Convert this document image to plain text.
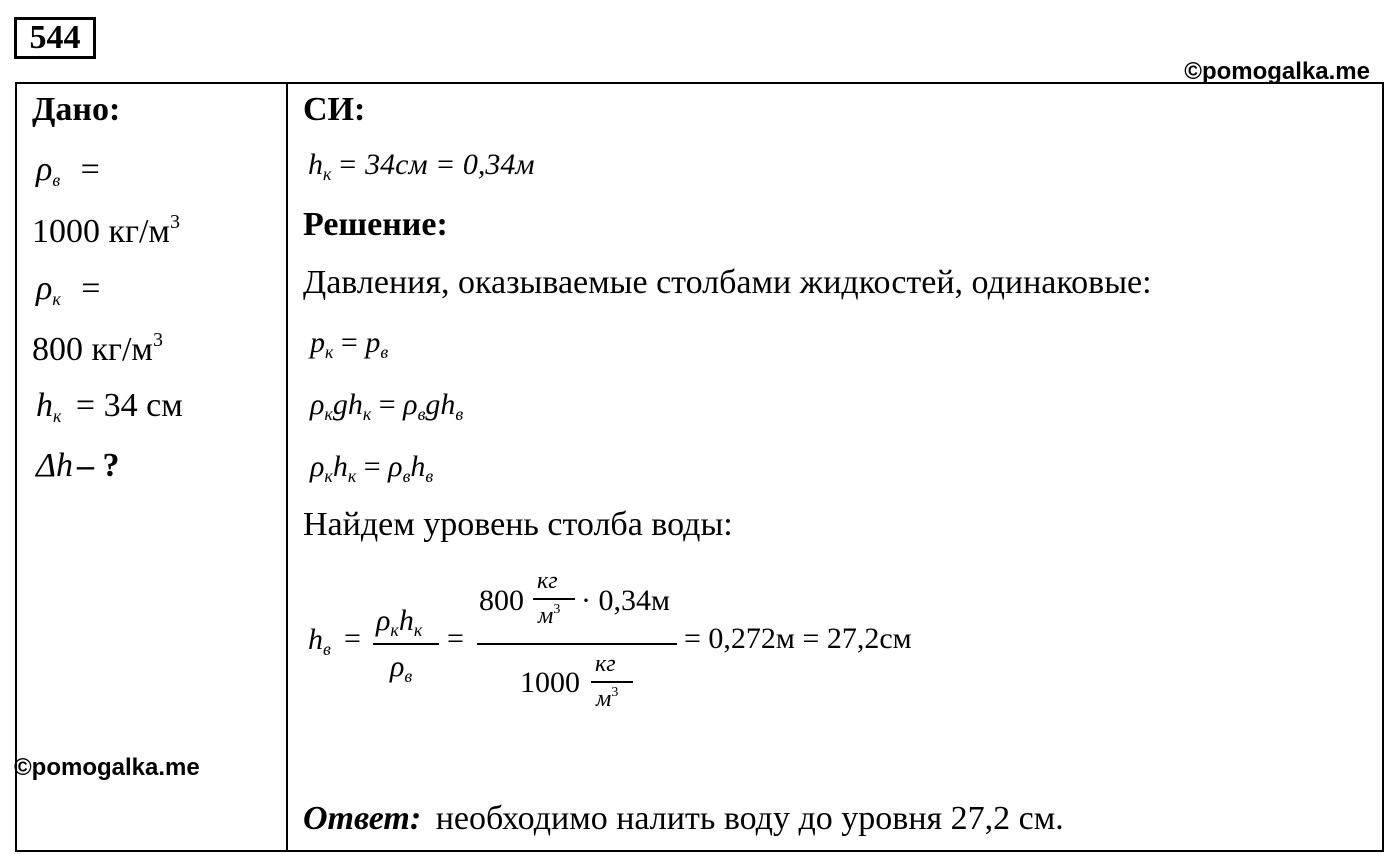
544
©pomogalka.me
Дано:
$\rho_в$ =
1000 $кг/м^3$
$\rho_к$ =
800 $кг/м^3$
$h_к = 34$ см
Δh – ?
©pomogalka.me
СИ:
$h_к = 34см = 0,34м$
Решение:
Давления, оказываемые столбами жидкостей, одинаковые:
$p_к = p_в$
$\rho_кgh_к = \rho_вgh_в$
$\rho_кh_к = \rho_вh_в$
Найдем уровень столба воды:
$h_в$ =
$\rho_кh_к$
$\rho_в$
=
800
кг
$м^3 \cdot 0,34м$
1000
кг
$м^3$
= 0,272м = 27,2см
Ответ: необходимо налить воду до уровня 27,2 см.
